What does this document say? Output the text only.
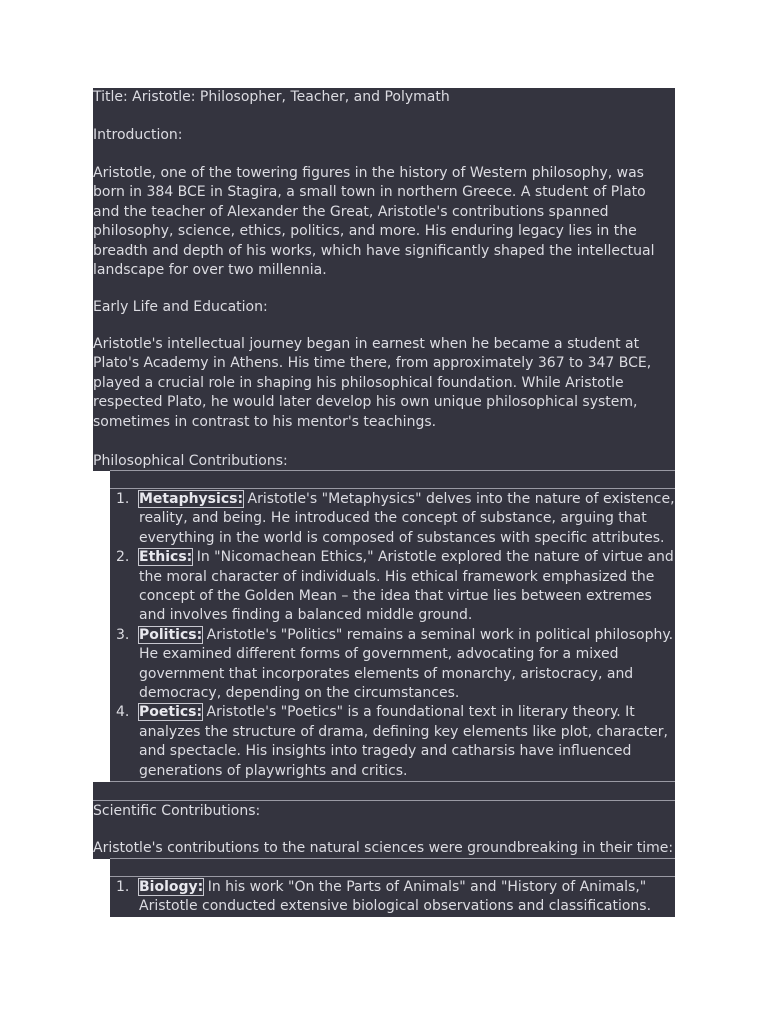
Title: Aristotle: Philosopher, Teacher, and Polymath

Introduction:

Aristotle, one of the towering figures in the history of Western philosophy, was born in 384 BCE in Stagira, a small town in northern Greece. A student of Plato and the teacher of Alexander the Great, Aristotle's contributions spanned philosophy, science, ethics, politics, and more. His enduring legacy lies in the breadth and depth of his works, which have significantly shaped the intellectual landscape for over two millennia.

Early Life and Education:

Aristotle's intellectual journey began in earnest when he became a student at Plato's Academy in Athens. His time there, from approximately 367 to 347 BCE, played a crucial role in shaping his philosophical foundation. While Aristotle respected Plato, he would later develop his own unique philosophical system, sometimes in contrast to his mentor's teachings.

Philosophical Contributions:

1. Metaphysics: Aristotle's "Metaphysics" delves into the nature of existence, reality, and being. He introduced the concept of substance, arguing that everything in the world is composed of substances with specific attributes.
2. Ethics: In "Nicomachean Ethics," Aristotle explored the nature of virtue and the moral character of individuals. His ethical framework emphasized the concept of the Golden Mean – the idea that virtue lies between extremes and involves finding a balanced middle ground.
3. Politics: Aristotle's "Politics" remains a seminal work in political philosophy. He examined different forms of government, advocating for a mixed government that incorporates elements of monarchy, aristocracy, and democracy, depending on the circumstances.
4. Poetics: Aristotle's "Poetics" is a foundational text in literary theory. It analyzes the structure of drama, defining key elements like plot, character, and spectacle. His insights into tragedy and catharsis have influenced generations of playwrights and critics.

Scientific Contributions:

Aristotle's contributions to the natural sciences were groundbreaking in their time:

1. Biology: In his work "On the Parts of Animals" and "History of Animals," Aristotle conducted extensive biological observations and classifications.
